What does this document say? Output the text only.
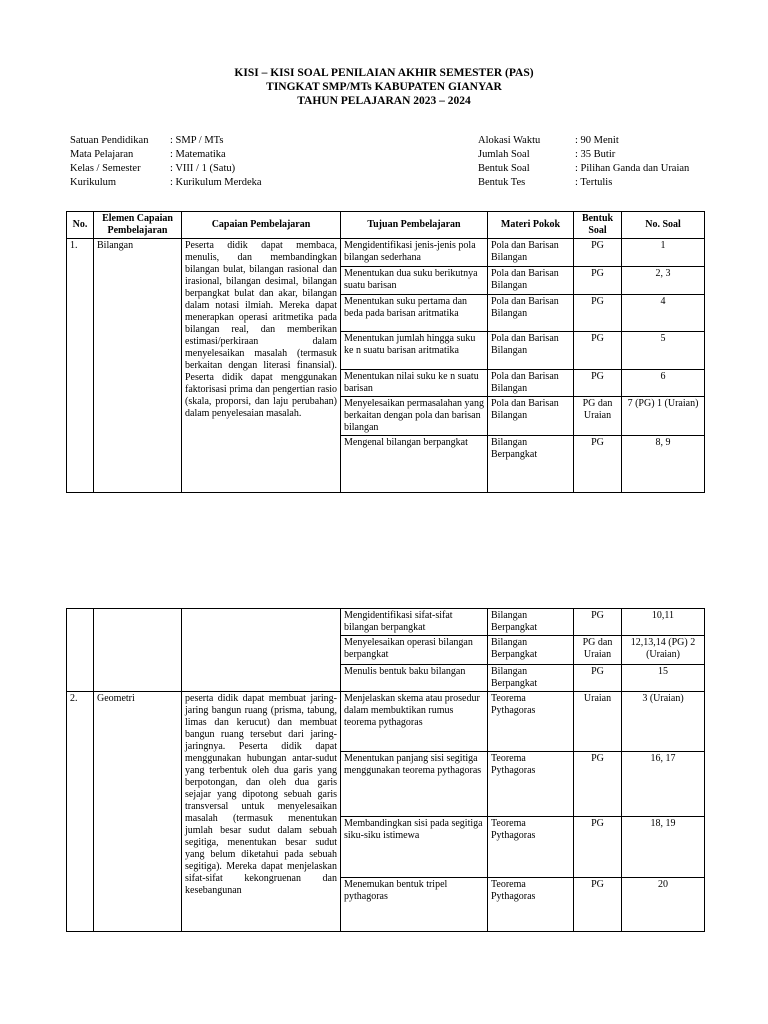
KISI – KISI SOAL PENILAIAN AKHIR SEMESTER (PAS)
TINGKAT SMP/MTs KABUPATEN GIANYAR
TAHUN PELAJARAN 2023 – 2024
Satuan Pendidikan	: SMP / MTs
Mata Pelajaran	: Matematika
Kelas / Semester	: VIII / 1 (Satu)
Kurikulum	: Kurikulum Merdeka
Alokasi Waktu	: 90 Menit
Jumlah Soal	: 35 Butir
Bentuk Soal	: Pilihan Ganda dan Uraian
Bentuk Tes	: Tertulis
No.	Elemen Capaian Pembelajaran	Capaian Pembelajaran	Tujuan Pembelajaran	Materi Pokok	Bentuk Soal	No. Soal
1.	Bilangan	Peserta didik dapat membaca, menulis, dan membandingkan bilangan bulat, bilangan rasional dan irasional, bilangan desimal, bilangan berpangkat bulat dan akar, bilangan dalam notasi ilmiah. Mereka dapat menerapkan operasi aritmetika pada bilangan real, dan memberikan estimasi/perkiraan dalam menyelesaikan masalah (termasuk berkaitan dengan literasi finansial). Peserta didik dapat menggunakan faktorisasi prima dan pengertian rasio (skala, proporsi, dan laju perubahan) dalam penyelesaian masalah.	Mengidentifikasi jenis-jenis pola bilangan sederhana	Pola dan Barisan Bilangan	PG	1
			Menentukan dua suku berikutnya suatu barisan	Pola dan Barisan Bilangan	PG	2, 3
			Menentukan suku pertama dan beda pada barisan aritmatika	Pola dan Barisan Bilangan	PG	4
			Menentukan jumlah hingga suku ke n suatu barisan aritmatika	Pola dan Barisan Bilangan	PG	5
			Menentukan nilai suku ke n suatu barisan	Pola dan Barisan Bilangan	PG	6
			Menyelesaikan permasalahan yang berkaitan dengan pola dan barisan bilangan	Pola dan Barisan Bilangan	PG dan Uraian	7 (PG) 1 (Uraian)
			Mengenal bilangan berpangkat	Bilangan Berpangkat	PG	8, 9
			Mengidentifikasi sifat-sifat bilangan berpangkat	Bilangan Berpangkat	PG	10,11
			Menyelesaikan operasi bilangan berpangkat	Bilangan Berpangkat	PG dan Uraian	12,13,14 (PG) 2 (Uraian)
			Menulis bentuk baku bilangan	Bilangan Berpangkat	PG	15
2.	Geometri	peserta didik dapat membuat jaring-jaring bangun ruang (prisma, tabung, limas dan kerucut) dan membuat bangun ruang tersebut dari jaring-jaringnya. Peserta didik dapat menggunakan hubungan antar-sudut yang terbentuk oleh dua garis yang berpotongan, dan oleh dua garis sejajar yang dipotong sebuah garis transversal untuk menyelesaikan masalah (termasuk menentukan jumlah besar sudut dalam sebuah segitiga, menentukan besar sudut yang belum diketahui pada sebuah segitiga). Mereka dapat menjelaskan sifat-sifat kekongruenan dan kesebangunan	Menjelaskan skema atau prosedur dalam membuktikan rumus teorema pythagoras	Teorema Pythagoras	Uraian	3 (Uraian)
			Menentukan panjang sisi segitiga menggunakan teorema pythagoras	Teorema Pythagoras	PG	16, 17
			Membandingkan sisi pada segitiga siku-siku istimewa	Teorema Pythagoras	PG	18, 19
			Menemukan bentuk tripel pythagoras	Teorema Pythagoras	PG	20
